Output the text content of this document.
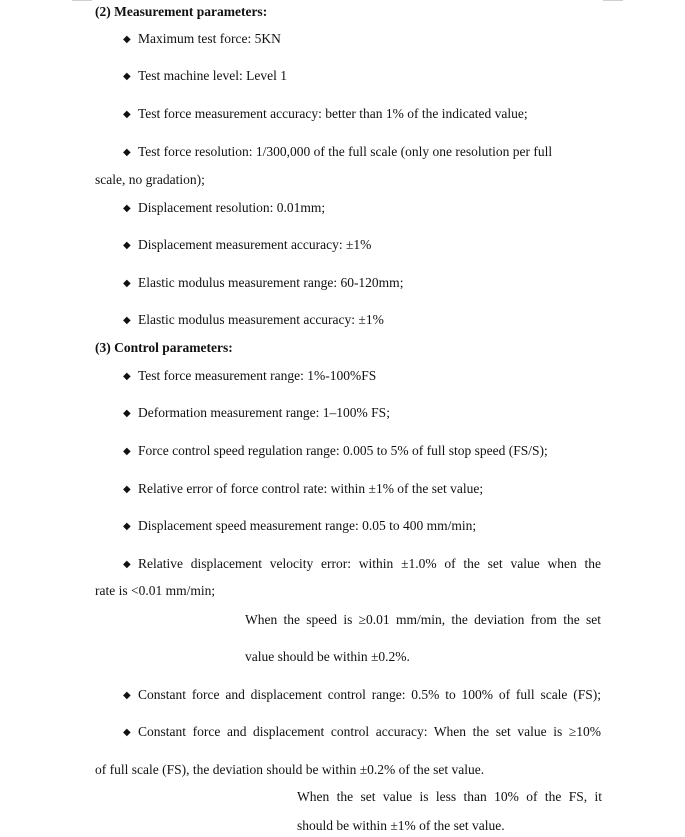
(2) Measurement parameters:
◆ Maximum test force: 5KN
◆ Test machine level: Level 1
◆ Test force measurement accuracy: better than 1% of the indicated value;
◆ Test force resolution: 1/300,000 of the full scale (only one resolution per full
scale, no gradation);
◆ Displacement resolution: 0.01mm;
◆ Displacement measurement accuracy: ±1%
◆ Elastic modulus measurement range: 60-120mm;
◆ Elastic modulus measurement accuracy: ±1%
(3) Control parameters:
◆ Test force measurement range: 1%-100%FS
◆ Deformation measurement range: 1–100% FS;
◆ Force control speed regulation range: 0.005 to 5% of full stop speed (FS/S);
◆ Relative error of force control rate: within ±1% of the set value;
◆ Displacement speed measurement range: 0.05 to 400 mm/min;
◆ Relative displacement velocity error: within ±1.0% of the set value when the
rate is <0.01 mm/min;
When the speed is ≥0.01 mm/min, the deviation from the set
value should be within ±0.2%.
◆ Constant force and displacement control range: 0.5% to 100% of full scale (FS);
◆ Constant force and displacement control accuracy: When the set value is ≥10%
of full scale (FS), the deviation should be within ±0.2% of the set value.
When the set value is less than 10% of the FS, it
should be within ±1% of the set value.
